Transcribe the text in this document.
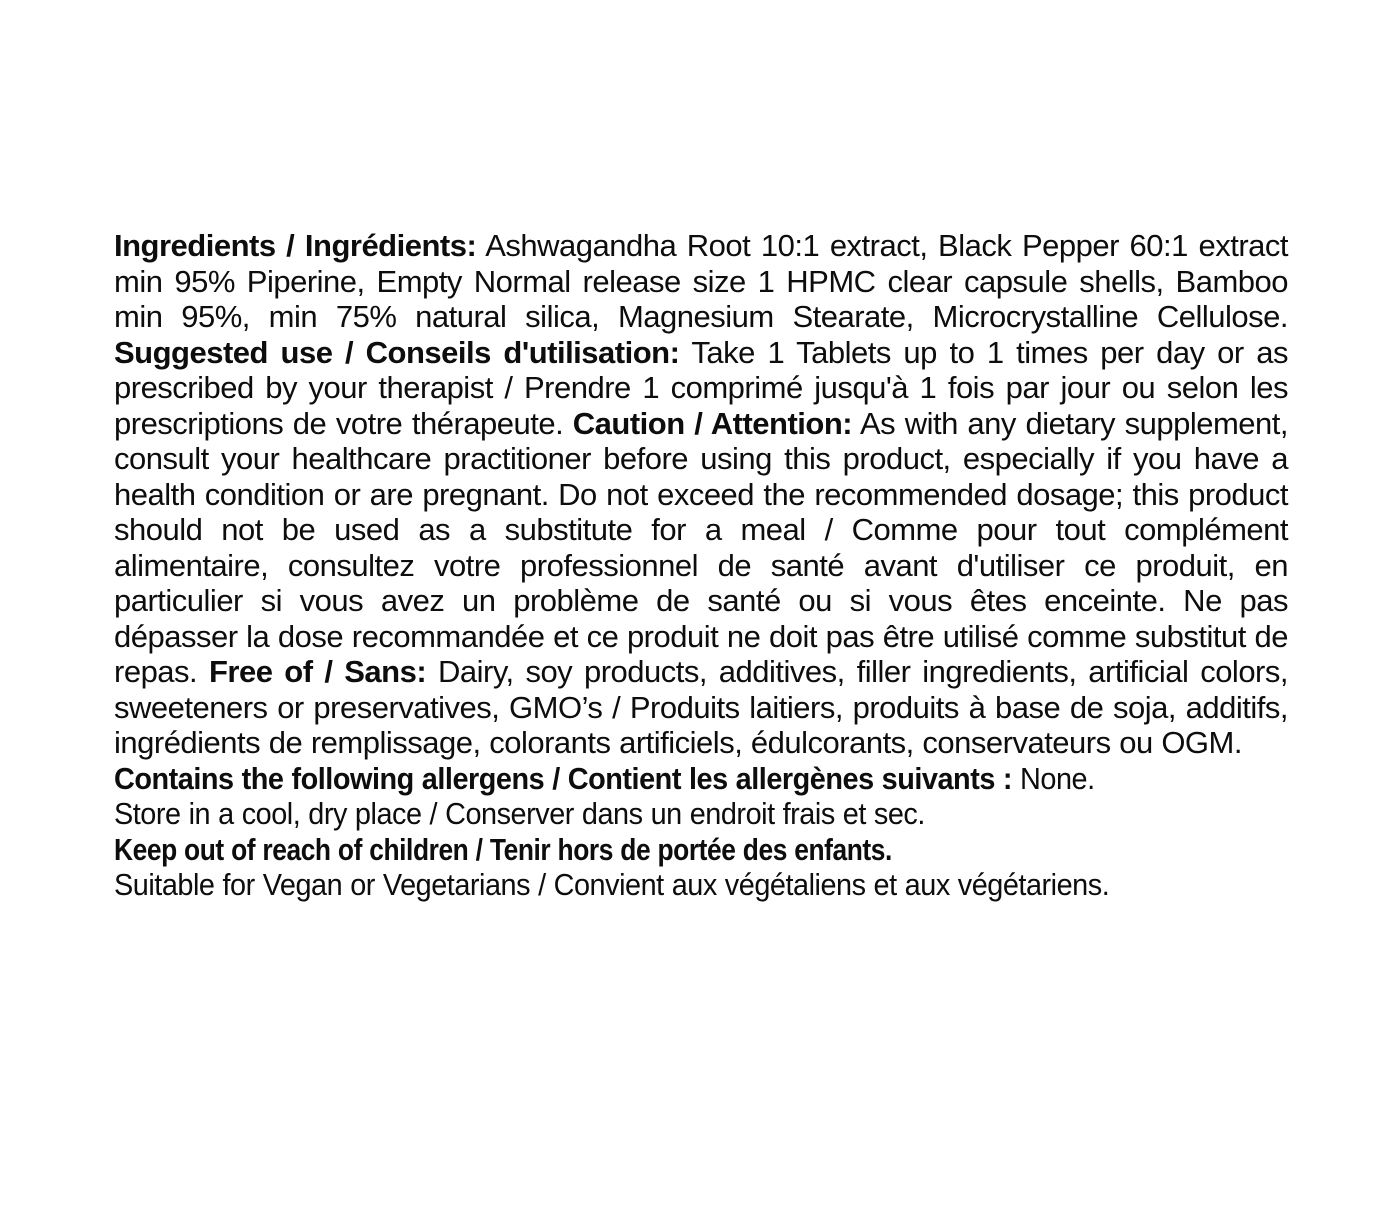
Ingredients / Ingrédients: Ashwagandha Root 10:1 extract, Black Pepper 60:1 extract min 95% Piperine, Empty Normal release size 1 HPMC clear capsule shells, Bamboo min 95%, min 75% natural silica, Magnesium Stearate, Microcrystalline Cellulose. Suggested use / Conseils d'utilisation: Take 1 Tablets up to 1 times per day or as prescribed by your therapist / Prendre 1 comprimé jusqu'à 1 fois par jour ou selon les prescriptions de votre thérapeute. Caution / Attention: As with any dietary supplement, consult your healthcare practitioner before using this product, especially if you have a health condition or are pregnant. Do not exceed the recommended dosage; this product should not be used as a substitute for a meal / Comme pour tout complément alimentaire, consultez votre professionnel de santé avant d'utiliser ce produit, en particulier si vous avez un problème de santé ou si vous êtes enceinte. Ne pas dépasser la dose recommandée et ce produit ne doit pas être utilisé comme substitut de repas. Free of / Sans: Dairy, soy products, additives, filler ingredients, artificial colors, sweeteners or preservatives, GMO’s / Produits laitiers, produits à base de soja, additifs, ingrédients de remplissage, colorants artificiels, édulcorants, conservateurs ou OGM.

Contains the following allergens / Contient les allergènes suivants : None.

Store in a cool, dry place / Conserver dans un endroit frais et sec.

Keep out of reach of children / Tenir hors de portée des enfants.

Suitable for Vegan or Vegetarians / Convient aux végétaliens et aux végétariens.
